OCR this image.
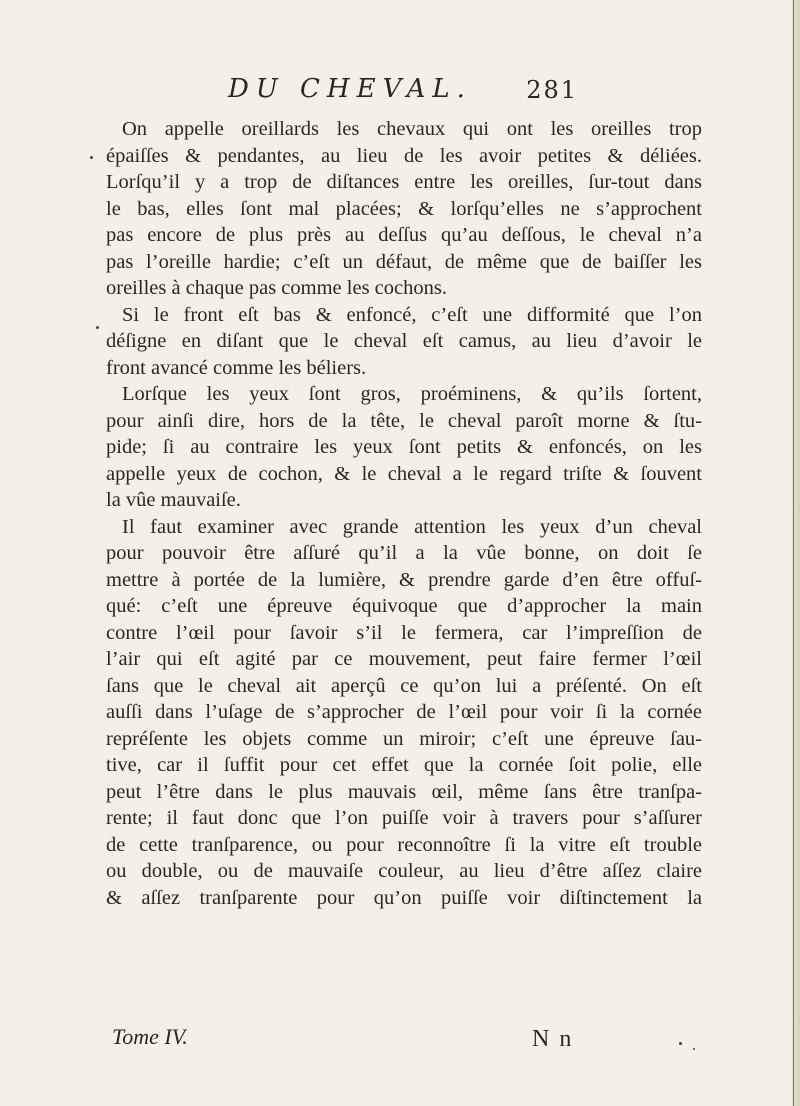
DU CHEVAL. 281
On appelle oreillards les chevaux qui ont les oreilles trop
épaiſſes & pendantes, au lieu de les avoir petites & déliées.
Lorſqu’il y a trop de diſtances entre les oreilles, ſur-tout dans
le bas, elles ſont mal placées; & lorſqu’elles ne s’approchent
pas encore de plus près au deſſus qu’au deſſous, le cheval n’a
pas l’oreille hardie; c’eſt un défaut, de même que de baiſſer les
oreilles à chaque pas comme les cochons.
Si le front eſt bas & enfoncé, c’eſt une difformité que l’on
déſigne en diſant que le cheval eſt camus, au lieu d’avoir le
front avancé comme les béliers.
Lorſque les yeux ſont gros, proéminens, & qu’ils ſortent,
pour ainſi dire, hors de la tête, le cheval paroît morne & ſtu-
pide; ſi au contraire les yeux ſont petits & enfoncés, on les
appelle yeux de cochon, & le cheval a le regard triſte & ſouvent
la vûe mauvaiſe.
Il faut examiner avec grande attention les yeux d’un cheval
pour pouvoir être aſſuré qu’il a la vûe bonne, on doit ſe
mettre à portée de la lumière, & prendre garde d’en être offuſ-
qué: c’eſt une épreuve équivoque que d’approcher la main
contre l’œil pour ſavoir s’il le fermera, car l’impreſſion de
l’air qui eſt agité par ce mouvement, peut faire fermer l’œil
ſans que le cheval ait aperçû ce qu’on lui a préſenté. On eſt
auſſi dans l’uſage de s’approcher de l’œil pour voir ſi la cornée
repréſente les objets comme un miroir; c’eſt une épreuve ſau-
tive, car il ſuffit pour cet effet que la cornée ſoit polie, elle
peut l’être dans le plus mauvais œil, même ſans être tranſpa-
rente; il faut donc que l’on puiſſe voir à travers pour s’aſſurer
de cette tranſparence, ou pour reconnoître ſi la vitre eſt trouble
ou double, ou de mauvaiſe couleur, au lieu d’être aſſez claire
& aſſez tranſparente pour qu’on puiſſe voir diſtinctement la
Tome IV.	N n
